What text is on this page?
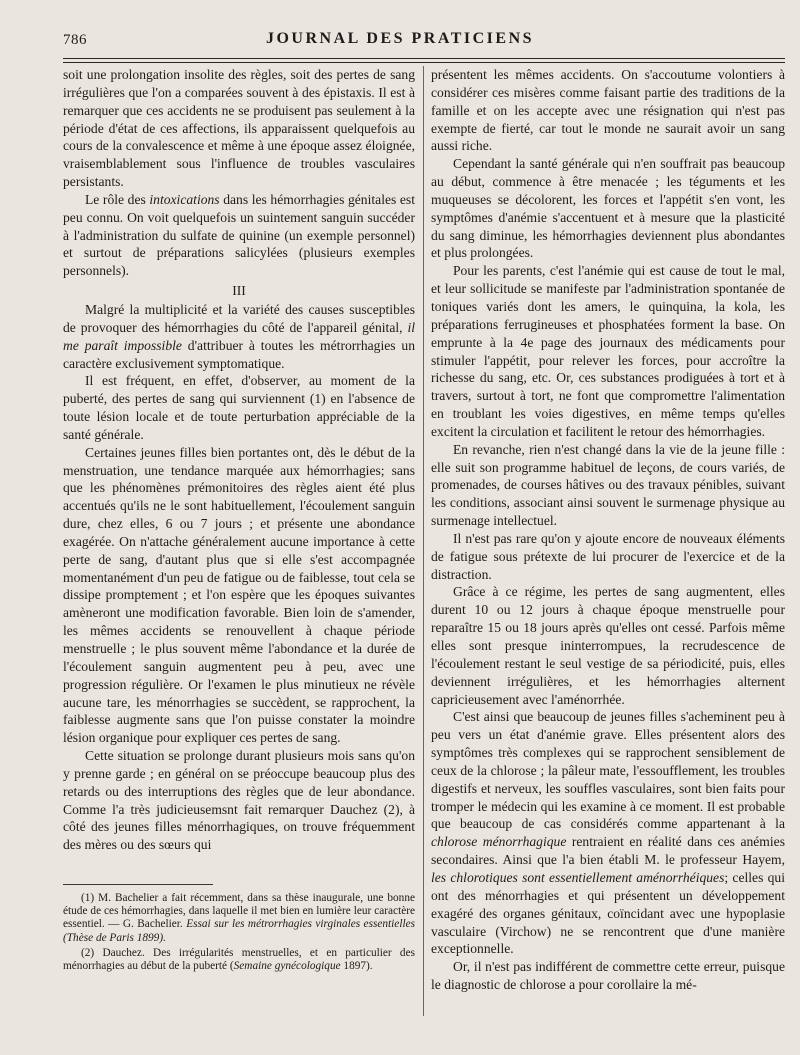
786	JOURNAL DES PRATICIENS

soit une prolongation insolite des règles, soit des pertes de sang irrégulières que l'on a comparées souvent à des épistaxis. Il est à remarquer que ces accidents ne se produisent pas seulement à la période d'état de ces affections, ils apparaissent quelquefois au cours de la convalescence et même à une époque assez éloignée, vraisemblablement sous l'influence de troubles vasculaires persistants.

Le rôle des intoxications dans les hémorrhagies génitales est peu connu. On voit quelquefois un suintement sanguin succéder à l'administration du sulfate de quinine (un exemple personnel) et surtout de préparations salicylées (plusieurs exemples personnels).

III

Malgré la multiplicité et la variété des causes susceptibles de provoquer des hémorrhagies du côté de l'appareil génital, il me paraît impossible d'attribuer à toutes les métrorrhagies un caractère exclusivement symptomatique.

Il est fréquent, en effet, d'observer, au moment de la puberté, des pertes de sang qui surviennent (1) en l'absence de toute lésion locale et de toute perturbation appréciable de la santé générale.

Certaines jeunes filles bien portantes ont, dès le début de la menstruation, une tendance marquée aux hémorrhagies; sans que les phénomènes prémonitoires des règles aient été plus accentués qu'ils ne le sont habituellement, l'écoulement sanguin dure, chez elles, 6 ou 7 jours ; et présente une abondance exagérée. On n'attache généralement aucune importance à cette perte de sang, d'autant plus que si elle s'est accompagnée momentanément d'un peu de fatigue ou de faiblesse, tout cela se dissipe promptement ; et l'on espère que les époques suivantes amèneront une modification favorable. Bien loin de s'amender, les mêmes accidents se renouvellent à chaque période menstruelle ; le plus souvent même l'abondance et la durée de l'écoulement sanguin augmentent peu à peu, avec une progression régulière. Or l'examen le plus minutieux ne révèle aucune tare, les ménorrhagies se succèdent, se rapprochent, la faiblesse augmente sans que l'on puisse constater la moindre lésion organique pour expliquer ces pertes de sang.

Cette situation se prolonge durant plusieurs mois sans qu'on y prenne garde ; en général on se préoccupe beaucoup plus des retards ou des interruptions des règles que de leur abondance. Comme l'a très judicieusemsnt fait remarquer Dauchez (2), à côté des jeunes filles ménorrhagiques, on trouve fréquemment des mères ou des sœurs qui

(1) M. Bachelier a fait récemment, dans sa thèse inaugurale, une bonne étude de ces hémorrhagies, dans laquelle il met bien en lumière leur caractère essentiel. — G. Bachelier. Essai sur les métrorrhagies virginales essentielles (Thèse de Paris 1899).

(2) Dauchez. Des irrégularités menstruelles, et en particulier des ménorrhagies au début de la puberté (Semaine gynécologique 1897).

présentent les mêmes accidents. On s'accoutume volontiers à considérer ces misères comme faisant partie des traditions de la famille et on les accepte avec une résignation qui n'est pas exempte de fierté, car tout le monde ne saurait avoir un sang aussi riche.

Cependant la santé générale qui n'en souffrait pas beaucoup au début, commence à être menacée ; les téguments et les muqueuses se décolorent, les forces et l'appétit s'en vont, les symptômes d'anémie s'accentuent et à mesure que la plasticité du sang diminue, les hémorrhagies deviennent plus abondantes et plus prolongées.

Pour les parents, c'est l'anémie qui est cause de tout le mal, et leur sollicitude se manifeste par l'administration spontanée de toniques variés dont les amers, le quinquina, la kola, les préparations ferrugineuses et phosphatées forment la base. On emprunte à la 4e page des journaux des médicaments pour stimuler l'appétit, pour relever les forces, pour accroître la richesse du sang, etc. Or, ces substances prodiguées à tort et à travers, surtout à tort, ne font que compromettre l'alimentation en troublant les voies digestives, en même temps qu'elles excitent la circulation et facilitent le retour des hémorrhagies.

En revanche, rien n'est changé dans la vie de la jeune fille : elle suit son programme habituel de leçons, de cours variés, de promenades, de courses hâtives ou des travaux pénibles, suivant les conditions, associant ainsi souvent le surmenage physique au surmenage intellectuel.

Il n'est pas rare qu'on y ajoute encore de nouveaux éléments de fatigue sous prétexte de lui procurer de l'exercice et de la distraction.

Grâce à ce régime, les pertes de sang augmentent, elles durent 10 ou 12 jours à chaque époque menstruelle pour reparaître 15 ou 18 jours après qu'elles ont cessé. Parfois même elles sont presque ininterrompues, la recrudescence de l'écoulement restant le seul vestige de sa périodicité, puis, elles deviennent irrégulières, et les hémorrhagies alternent capricieusement avec l'aménorrhée.

C'est ainsi que beaucoup de jeunes filles s'acheminent peu à peu vers un état d'anémie grave. Elles présentent alors des symptômes très complexes qui se rapprochent sensiblement de ceux de la chlorose ; la pâleur mate, l'essoufflement, les troubles digestifs et nerveux, les souffles vasculaires, sont bien faits pour tromper le médecin qui les examine à ce moment. Il est probable que beaucoup de cas considérés comme appartenant à la chlorose ménorrhagique rentraient en réalité dans ces anémies secondaires. Ainsi que l'a bien établi M. le professeur Hayem, les chlorotiques sont essentiellement aménorrhéiques; celles qui ont des ménorrhagies et qui présentent un développement exagéré des organes génitaux, coïncidant avec une hypoplasie vasculaire (Virchow) ne se rencontrent que d'une manière exceptionnelle.

Or, il n'est pas indifférent de commettre cette erreur, puisque le diagnostic de chlorose a pour corollaire la mé-
